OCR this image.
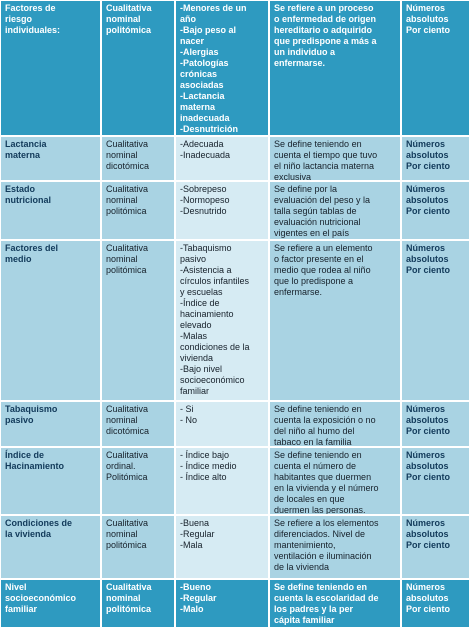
Factores de
riesgo
individuales:
Cualitativa
nominal
politómica
-Menores de un
año
-Bajo peso al
nacer
-Alergias
-Patologías
crónicas
asociadas
-Lactancia
materna
inadecuada
-Desnutrición
Se refiere a un proceso
o enfermedad de origen
hereditario o adquirido
que predispone a más a
un individuo a
enfermarse.
Números
absolutos
Por ciento
Lactancia
materna
Cualitativa
nominal
dicotómica
-Adecuada
-Inadecuada
Se define teniendo en
cuenta el tiempo que tuvo
el niño lactancia materna
exclusiva
Números
absolutos
Por ciento
Estado
nutricional
Cualitativa
nominal
politómica
-Sobrepeso
-Normopeso
-Desnutrido
Se define por la
evaluación del peso y la
talla según tablas de
evaluación nutricional
vigentes en el país
Números
absolutos
Por ciento
Factores del
medio
Cualitativa
nominal
politómica
-Tabaquismo
pasivo
-Asistencia a
círculos infantiles
y escuelas
-Índice de
hacinamiento
elevado
-Malas
condiciones de la
vivienda
-Bajo nivel
socioeconómico
familiar
Se refiere a un elemento
o factor presente en el
medio que rodea al niño
que lo predispone a
enfermarse.
Números
absolutos
Por ciento
Tabaquismo
pasivo
Cualitativa
nominal
dicotómica
- Si
- No
Se define teniendo en
cuenta la exposición o no
del niño al humo del
tabaco en la familia
Números
absolutos
Por ciento
Índice de
Hacinamiento
Cualitativa
ordinal.
Politómica
- Índice bajo
- Índice medio
- Índice alto
Se define teniendo en
cuenta el número de
habitantes que duermen
en la vivienda y el número
de locales en que
duermen las personas.
Números
absolutos
Por ciento
Condiciones de
la vivienda
Cualitativa
nominal
politómica
-Buena
-Regular
-Mala
Se refiere a los elementos
diferenciados. Nivel de
mantenimiento,
ventilación e iluminación
de la vivienda
Números
absolutos
Por ciento
Nivel
socioeconómico
familiar
Cualitativa
nominal
politómica
-Bueno
-Regular
-Malo
Se define teniendo en
cuenta la escolaridad de
los padres y la per
cápita familiar
Números
absolutos
Por ciento
